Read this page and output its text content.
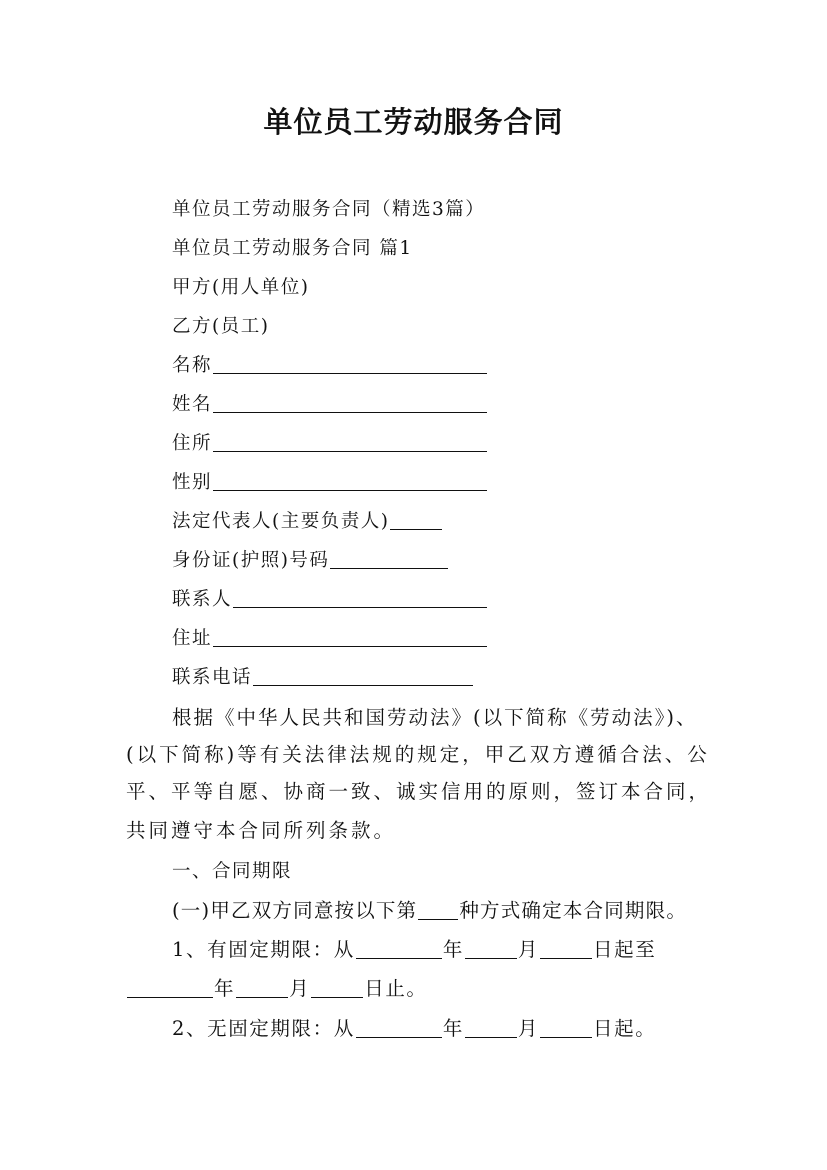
单位员工劳动服务合同
单位员工劳动服务合同（精选3篇）
单位员工劳动服务合同 篇1
甲方(用人单位)
乙方(员工)
名称
姓名
住所
性别
法定代表人(主要负责人)
身份证(护照)号码
联系人
住址
联系电话
根据《中华人民共和国劳动法》(以下简称《劳动法》)、
(以下简称)等有关法律法规的规定，甲乙双方遵循合法、公
平、平等自愿、协商一致、诚实信用的原则，签订本合同，
共同遵守本合同所列条款。
一、合同期限
(一)甲乙双方同意按以下第 种方式确定本合同期限。
1、有固定期限：从	年	月	日起至
年	月	日止。
2、无固定期限：从	年	月	日起。
